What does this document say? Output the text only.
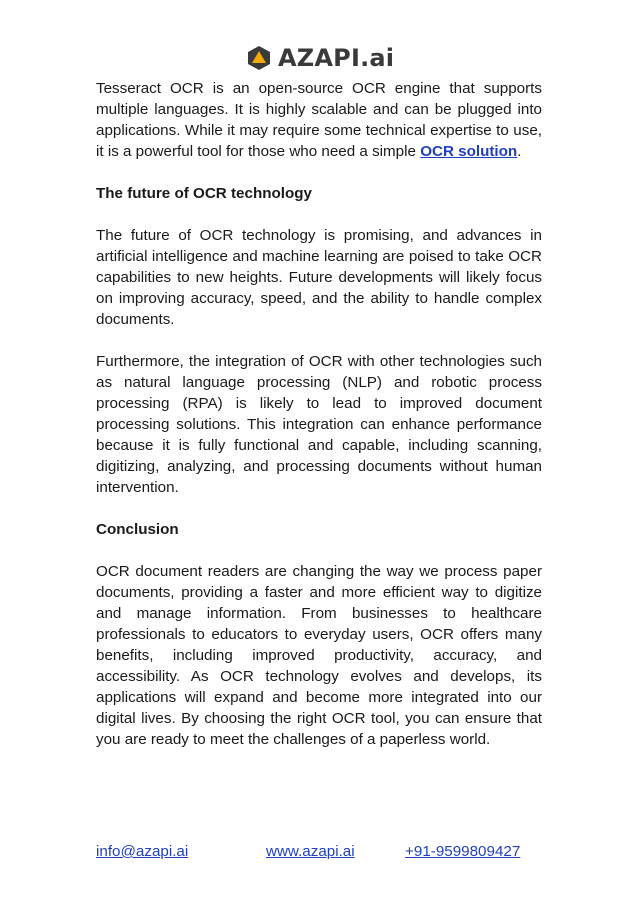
AZAPI.ai

Tesseract OCR is an open-source OCR engine that supports multiple languages. It is highly scalable and can be plugged into applications. While it may require some technical expertise to use, it is a powerful tool for those who need a simple OCR solution.

The future of OCR technology

The future of OCR technology is promising, and advances in artificial intelligence and machine learning are poised to take OCR capabilities to new heights. Future developments will likely focus on improving accuracy, speed, and the ability to handle complex documents.

Furthermore, the integration of OCR with other technologies such as natural language processing (NLP) and robotic process processing (RPA) is likely to lead to improved document processing solutions. This integration can enhance performance because it is fully functional and capable, including scanning, digitizing, analyzing, and processing documents without human intervention.

Conclusion

OCR document readers are changing the way we process paper documents, providing a faster and more efficient way to digitize and manage information. From businesses to healthcare professionals to educators to everyday users, OCR offers many benefits, including improved productivity, accuracy, and accessibility. As OCR technology evolves and develops, its applications will expand and become more integrated into our digital lives. By choosing the right OCR tool, you can ensure that you are ready to meet the challenges of a paperless world.

info@azapi.ai	www.azapi.ai	+91-9599809427
